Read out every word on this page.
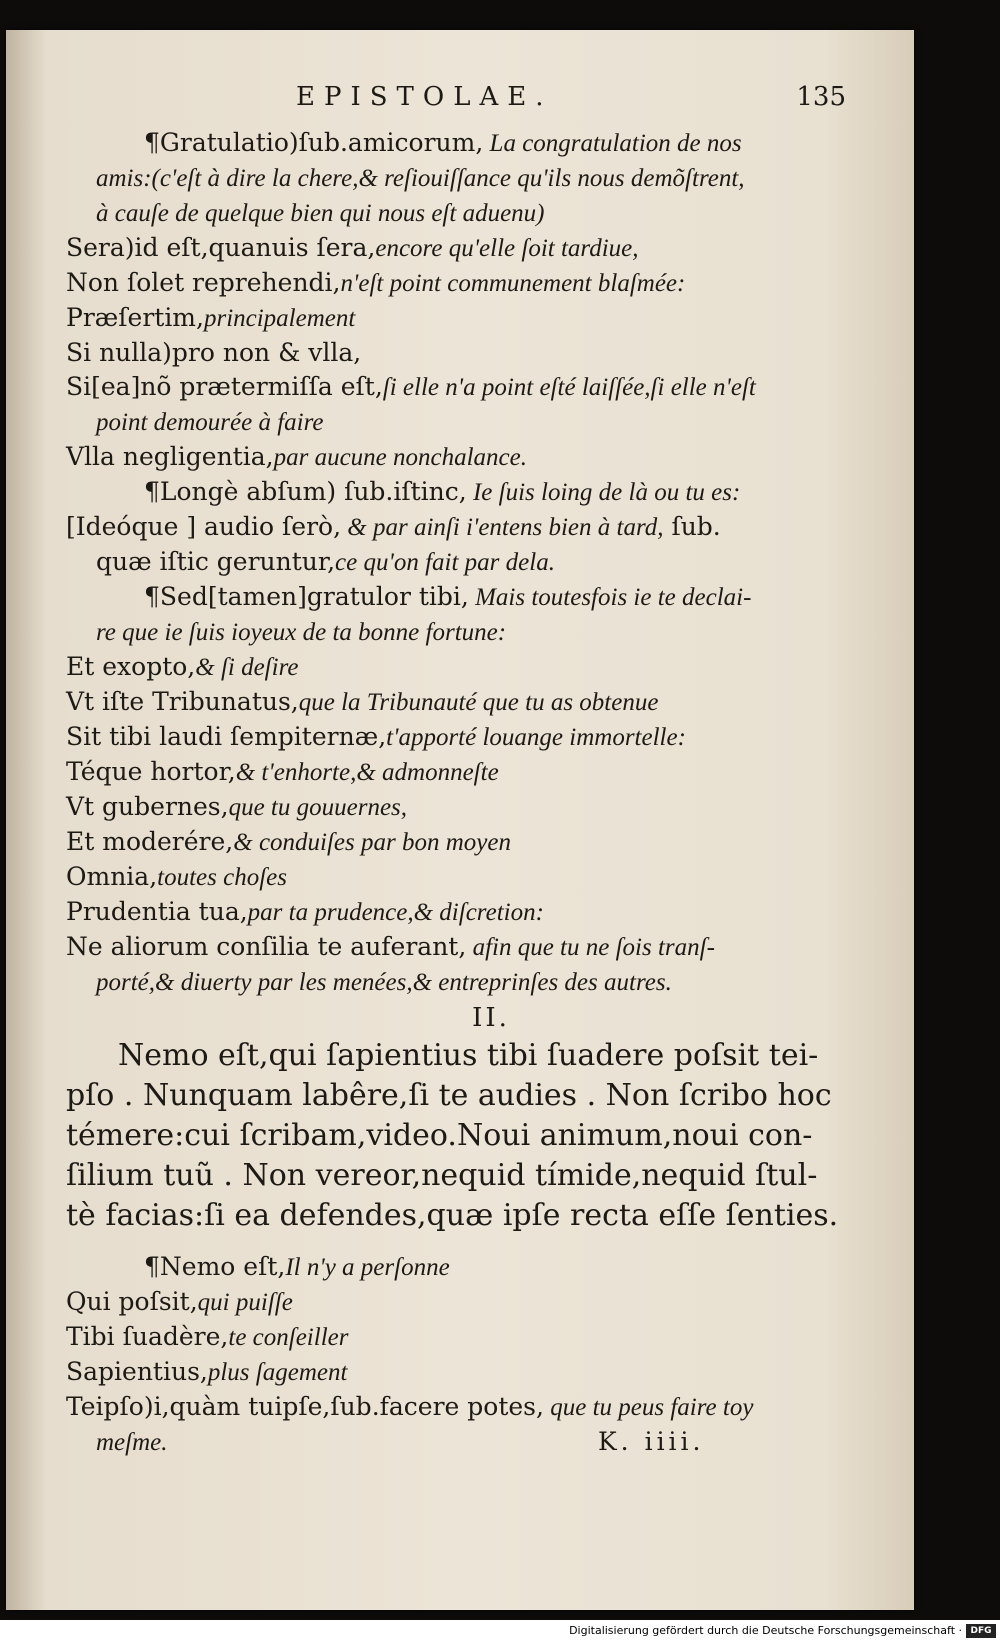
EPISTOLAE.	135
¶Gratulatio)ſub.amicorum, La congratulation de nos
amis:(c'eſt à dire la chere,& reſiouiſſance qu'ils nous demõſtrent,
à cauſe de quelque bien qui nous eſt aduenu)
Sera)id eſt,quanuis ſera,encore qu'elle ſoit tardiue,
Non ſolet reprehendi,n'eſt point communement blaſmée:
Præſertim,principalement
Si nulla)pro non & vlla,
Si[ea]nõ prætermiſſa eſt,ſi elle n'a point eſté laiſſée,ſi elle n'eſt
point demourée à faire
Vlla negligentia,par aucune nonchalance.
¶Longè abſum) ſub.iſtinc, Ie ſuis loing de là ou tu es:
[Ideóque ] audio ſerò, & par ainſi i'entens bien à tard, ſub.
quæ iſtic geruntur,ce qu'on fait par dela.
¶Sed[tamen]gratulor tibi, Mais toutesfois ie te declai-
re que ie ſuis ioyeux de ta bonne fortune:
Et exopto,& ſi deſire
Vt iſte Tribunatus,que la Tribunauté que tu as obtenue
Sit tibi laudi ſempiternæ,t'apporté louange immortelle:
Téque hortor,& t'enhorte,& admonneſte
Vt gubernes,que tu gouuernes,
Et moderére,& conduiſes par bon moyen
Omnia,toutes choſes
Prudentia tua,par ta prudence,& diſcretion:
Ne aliorum conſilia te auferant, afin que tu ne ſois tranſ-
porté,& diuerty par les menées,& entreprinſes des autres.
II.
Nemo eſt,qui ſapientius tibi ſuadere poſsit tei-
pſo . Nunquam labêre,ſi te audies . Non ſcribo hoc
témere:cui ſcribam,video.Noui animum,noui con-
ſilium tuũ . Non vereor,nequid tímide,nequid ſtul-
tè facias:ſi ea defendes,quæ ipſe recta eſſe ſenties.
¶Nemo eſt,Il n'y a perſonne
Qui poſsit,qui puiſſe
Tibi ſuadère,te conſeiller
Sapientius,plus ſagement
Teipſo)i,quàm tuipſe,ſub.facere potes, que tu peus faire toy
meſme.	K. iiii.
Digitalisierung gefördert durch die Deutsche Forschungsgemeinschaft · DFG
